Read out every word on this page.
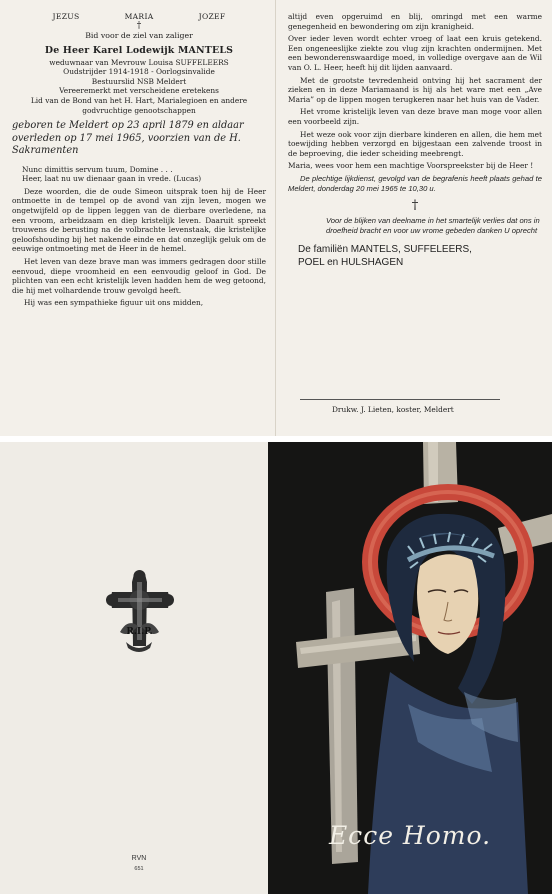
JEZUS	MARIA	JOZEF
†

Bid voor de ziel van zaliger

De Heer Karel Lodewijk MANTELS

weduwnaar van Mevrouw Louisa SUFFELEERS

Oudstrijder 1914-1918 - Oorlogsinvalide

Bestuurslid NSB Meldert

Vereeremerkt met verscheidene eretekens

Lid van de Bond van het H. Hart, Marialegioen en andere godvruchtige genootschappen

geboren te Meldert op 23 april 1879 en aldaar overleden op 17 mei 1965, voorzien van de H. Sakramenten

Nunc dimittis servum tuum, Domine . . .

Heer, laat nu uw dienaar gaan in vrede. (Lucas)

Deze woorden, die de oude Simeon uitsprak toen hij de Heer ontmoette in de tempel op de avond van zijn leven, mogen we ongetwijfeld op de lippen leggen van de dierbare overledene, na een vroom, arbeidzaam en diep kristelijk leven. Daaruit spreekt trouwens de berusting na de volbrachte levenstaak, die kristelijke geloofshouding bij het nakende einde en dat onzeglijk geluk om de eeuwige ontmoeting met de Heer in de hemel.

Het leven van deze brave man was immers gedragen door stille eenvoud, diepe vroomheid en een eenvoudig geloof in God. De plichten van een echt kristelijk leven hadden hem de weg getoond, die hij met volhardende trouw gevolgd heeft.

Hij was een sympathieke figuur uit ons midden,

altijd even opgeruimd en blij, omringd met een warme genegenheid en bewondering om zijn kranigheid.

Over ieder leven wordt echter vroeg of laat een kruis getekend. Een ongeneeslijke ziekte zou vlug zijn krachten ondermijnen. Met een bewonderenswaardige moed, in volledige overgave aan de Wil van O. L. Heer, heeft hij dit lijden aanvaard.

Met de grootste tevredenheid ontving hij het sacrament der zieken en in deze Mariamaand is hij als het ware met een „Ave Maria” op de lippen mogen terugkeren naar het huis van de Vader.

Het vrome kristelijk leven van deze brave man moge voor allen een voorbeeld zijn.

Het weze ook voor zijn dierbare kinderen en allen, die hem met toewijding hebben verzorgd en bijgestaan een zalvende troost in de beproeving, die ieder scheiding meebrengt.

Maria, wees voor hem een machtige Voorspreekster bij de Heer !

De plechtige lijkdienst, gevolgd van de begrafenis heeft plaats gehad te Meldert, donderdag 20 mei 1965 te 10,30 u.

†

Voor de blijken van deelname in het smartelijk verlies dat ons in droefheid bracht en voor uw vrome gebeden danken U oprecht

De familiën MANTELS, SUFFELEERS,

POEL en HULSHAGEN

Drukw. J. Lieten, koster, Meldert
R.I.P.
RVN
651
Ecce Homo.
